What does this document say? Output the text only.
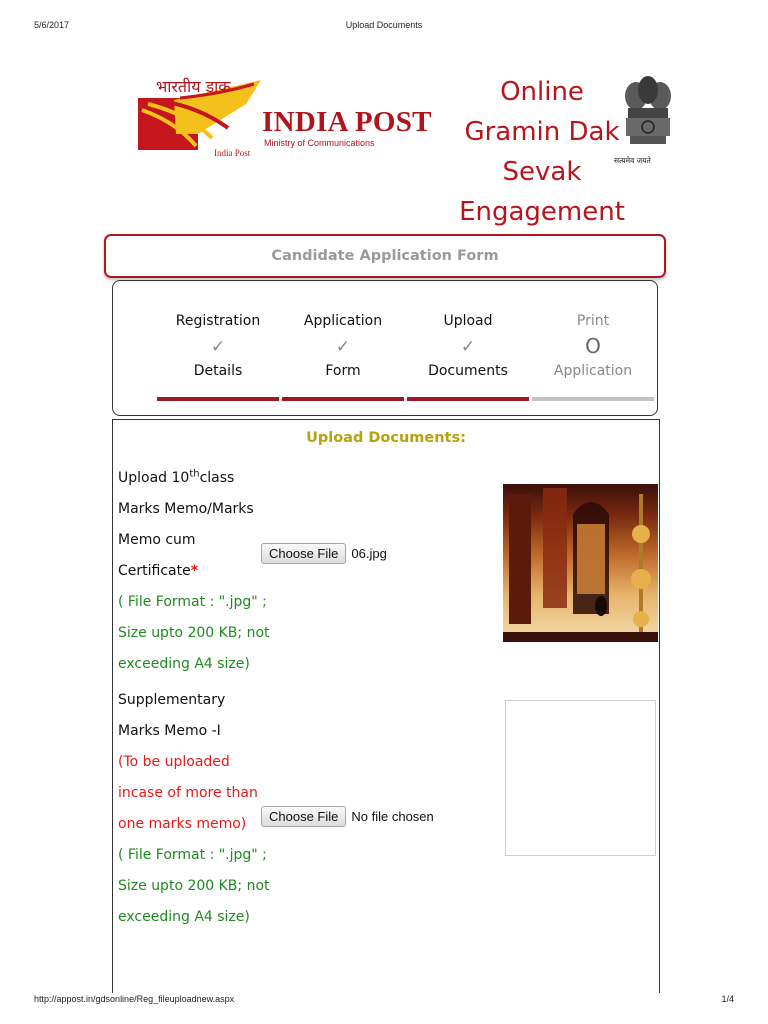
5/6/2017	Upload Documents
भारतीय डाक
India Post
INDIA POST
Ministry of Communications
Online
Gramin Dak
Sevak
Engagement
सत्यमेव जयते
Candidate Application Form
Registration
✓
Details
Application
✓
Form
Upload
✓
Documents
Print
O
Application
Upload Documents:
Upload 10thclass
Marks Memo/Marks
Memo cum
Certificate*
( File Format : ".jpg" ;
Size upto 200 KB; not
exceeding A4 size)
Choose File	06.jpg
Supplementary
Marks Memo -I
(To be uploaded
incase of more than
one marks memo)
( File Format : ".jpg" ;
Size upto 200 KB; not
exceeding A4 size)
Choose File	No file chosen
http://appost.in/gdsonline/Reg_fileuploadnew.aspx	1/4
